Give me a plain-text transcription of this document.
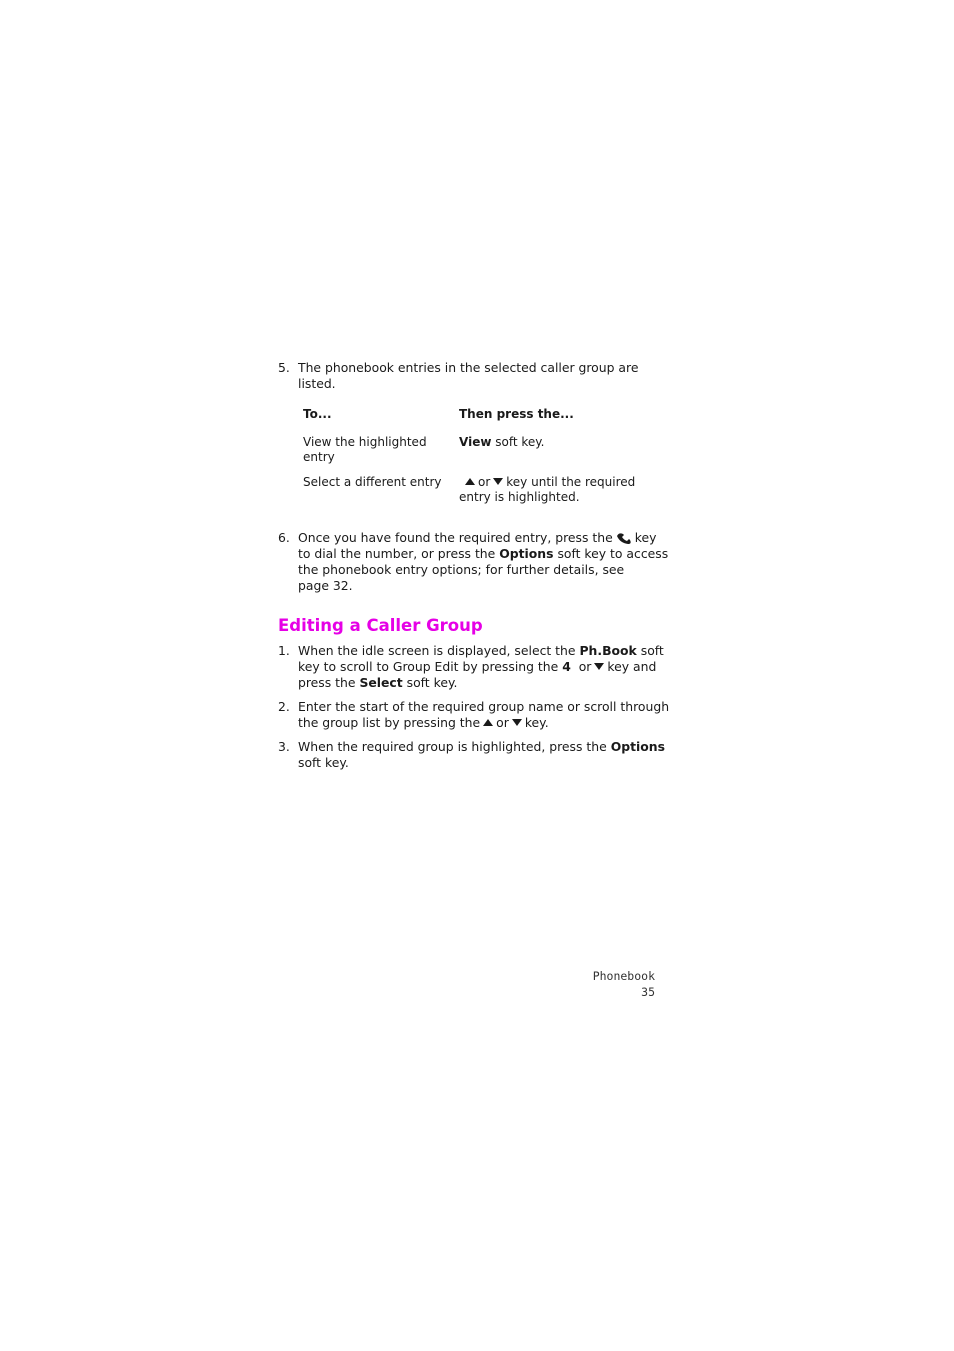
5. The phonebook entries in the selected caller group are
listed.
To...	Then press the...
View the highlighted
entry
View soft key.
Select a different entry	or key until the required
entry is highlighted.
6. Once you have found the required entry, press the key
to dial the number, or press the Options soft key to access
the phonebook entry options; for further details, see
page 32.
Editing a Caller Group
1. When the idle screen is displayed, select the Ph.Book soft
key to scroll to Group Edit by pressing the 4 or key and
press the Select soft key.
2. Enter the start of the required group name or scroll through
the group list by pressing the or key.
3. When the required group is highlighted, press the Options
soft key.
Phonebook
35
